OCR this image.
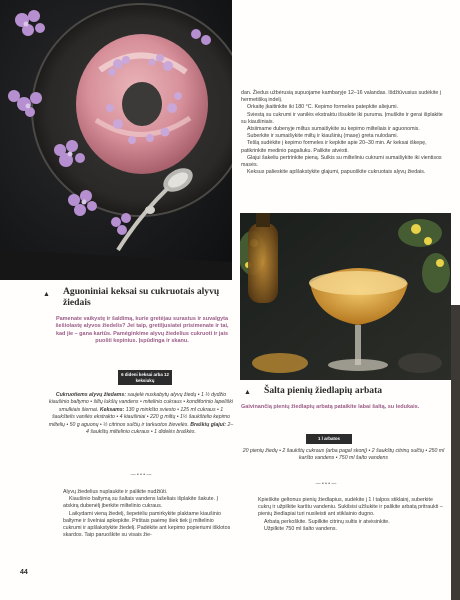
dan. Žiedus užbėrusią supuojame kambaryje 12–16 valandas. Išdžiūvusius sudėkite į hermetišką indelį.

Orkaitę įkaitinkite iki 180 °C. Kepimo formeles patepkite aliejumi.

Sviestą su cukrumi ir vanilės ekstraktu išsukite iki puruma. Įmuškite ir gerai išplakite su kiaušiniais.

Atsiimame dubenyje miltus sumaišykite su kepimo milteliais ir aguonomis.

Suberkite ir sumaišykite miltų ir kiaušinių (masę) greta nulodami.

Tešlą sudėkite į kepimo formeles ir kepkite apie 20–30 min. Ar keksai iškepę, patikrinkite medinio pagaliuku. Palikite atvėsti.

Glajui šakeliu pertrinkite pieną. Sulkis su milteliniu cukrumi sumaišykite iki vientisos masės.

Keksus palieskite apšlakstykite glajumi, papuoškite cukruotais alyvų žiedais.

▲ Aguoniniai keksai su cukruotais alyvų žiedais

Pamenate vaikystę ir šaldimą, kurie gretėjau surastus ir suvalgyta šešiolastę alyvos žiedelis? Jei taip, gretiljusiatei prisimenate ir tai, kad jie – gana kartūs. Pamėginkime alyvų žiedelius cukruoti ir jais puošti kepinius. Įspūdinga ir skanu.

6 dideni keksai arba 12 keksiukų

Cukruotiems alyvų žiedams: saujelė nuskabytų alyvų žiedų • 1 ½ dydžio kiaušinio baltymo • šiltų lukšių vandens • mitelinio cukraus • kondiforinio lapeliški smulkiais šiernai. Keksams: 130 g minkšto sviesto • 125 ml cukraus • 1 šaukštelis vanilės ekstrakto • 4 kiaušiniai • 220 g miltų • 1½ šaukštelio kepimo miltelių • 50 g aguonų • ½ citrinos sulčių ir tarkuotos žievelės. Braškių glajui: 2–4 šaukštų miltelinio cukraus • 1 didelės braškės.

— • • • —

Alyvų žiedelius nuplaukite ir palikite nudžiūti.

Kiaušinio baltymą su šaltais vandens lašeliais išplakite šakute. Į atskirą dubenėlį įberkite miltelinio cukraus.

Laikydami vieną žiedelį, šepetėliu pamirkykite plaktame kiaušinio baltyme ir švelniai apkepkite. Pirštais paėmę šiek tiek jį miltelinio cukrumi ir apšlakstykite žiedelį. Padėkite ant kepimo popieriumi išklotos skardos. Taip paruoškite su visais žie-

▲ Šalta pienių žiedlapių arbata

Gaivinančią pienių žiedlapių arbatą pataikite labai šaltą, su ledukais.

1 l arbatos

20 pienių žiedų • 2 šaukštų cukraus (arba pagal skonį) • 2 šaukštų citrinų sulčių • 250 ml karšto vandens • 750 ml šalto vandens

— • • • —

Kpieškite geltonus pienių žiedlapius, sudėkite į 1 l talpos stiklainį, suberkite cukrų ir užpilkite karštu vandeniu. Sukilsisi užšukite ir palikite arbatą pritraukti – pienių žiedlapiai turi nusileisti ant stiklainio dugno.

Arbatą perkoškite. Supilkite citrinų sultis ir atvėsinkite.

Užpilkite 750 ml šalto vandens.

44
